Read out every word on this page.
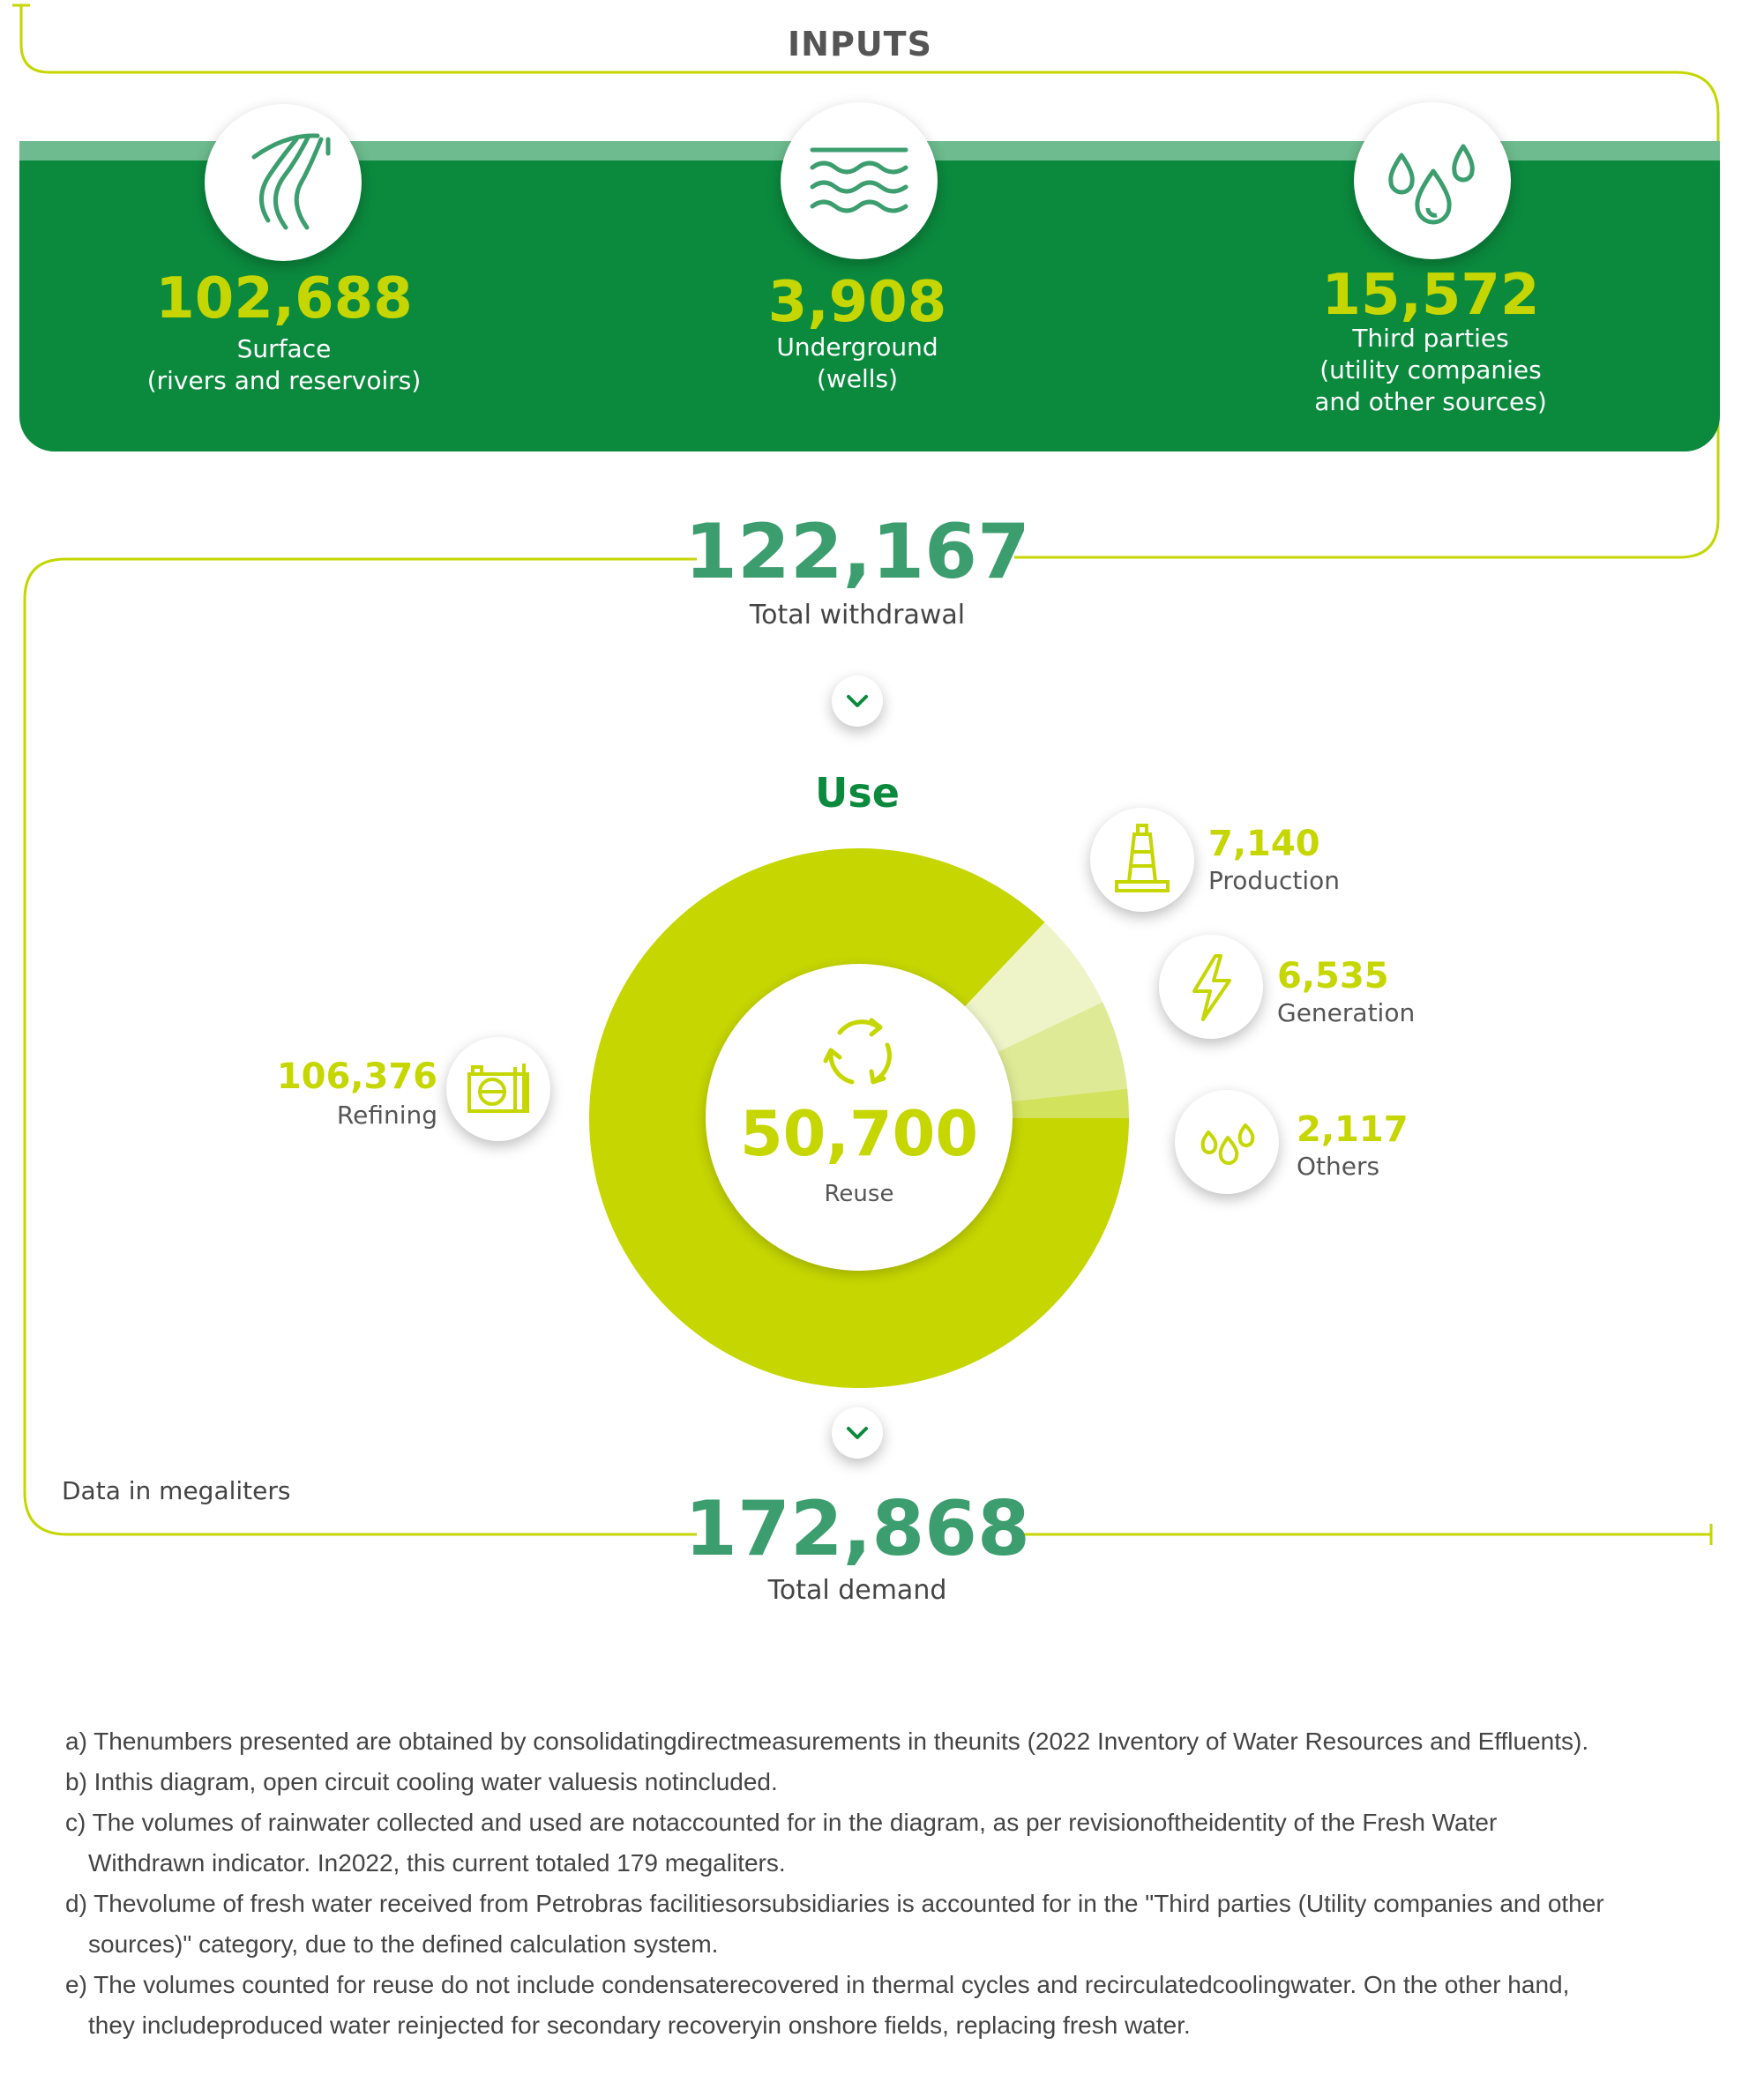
INPUTS
102,688
Surface
(rivers and reservoirs)
3,908
Underground
(wells)
15,572
Third parties
(utility companies
and other sources)
122,167
Total withdrawal
Use
50,700
Reuse
106,376
Refining
7,140
Production
6,535
Generation
2,117
Others
Data in megaliters	172,868
Total demand
a) Thenumbers presented are obtained by consolidatingdirectmeasurements in theunits (2022 Inventory of Water Resources and Effluents).
b) Inthis diagram, open circuit cooling water valuesis notincluded.
c) The volumes of rainwater collected and used are notaccounted for in the diagram, as per revisionoftheidentity of the Fresh Water
Withdrawn indicator. In2022, this current totaled 179 megaliters.
d) Thevolume of fresh water received from Petrobras facilitiesorsubsidiaries is accounted for in the "Third parties (Utility companies and other
sources)" category, due to the defined calculation system.
e) The volumes counted for reuse do not include condensaterecovered in thermal cycles and recirculatedcoolingwater. On the other hand,
they includeproduced water reinjected for secondary recoveryin onshore fields, replacing fresh water.
